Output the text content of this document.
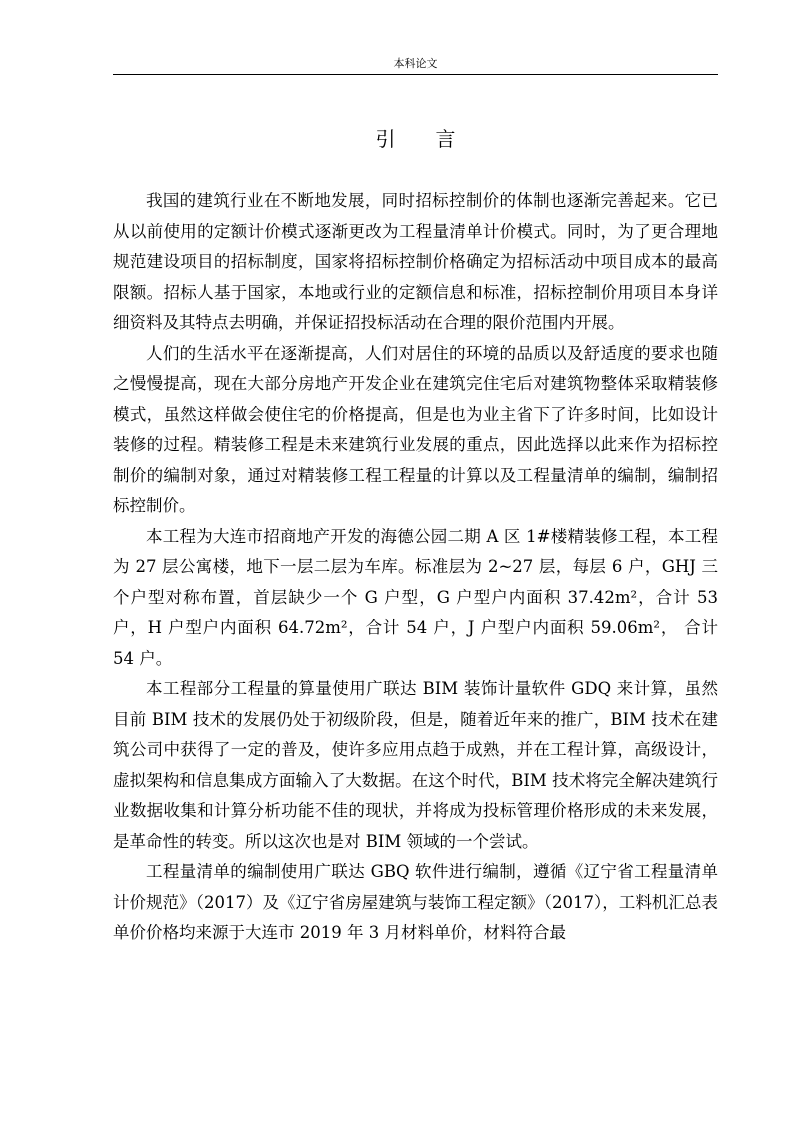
本科论文
引言

我国的建筑行业在不断地发展，同时招标控制价的体制也逐渐完善起来。它已从以前使用的定额计价模式逐渐更改为工程量清单计价模式。同时，为了更合理地规范建设项目的招标制度，国家将招标控制价格确定为招标活动中项目成本的最高限额。招标人基于国家，本地或行业的定额信息和标准，招标控制价用项目本身详细资料及其特点去明确，并保证招投标活动在合理的限价范围内开展。

人们的生活水平在逐渐提高，人们对居住的环境的品质以及舒适度的要求也随之慢慢提高，现在大部分房地产开发企业在建筑完住宅后对建筑物整体采取精装修模式，虽然这样做会使住宅的价格提高，但是也为业主省下了许多时间，比如设计装修的过程。精装修工程是未来建筑行业发展的重点，因此选择以此来作为招标控制价的编制对象，通过对精装修工程工程量的计算以及工程量清单的编制，编制招标控制价。

本工程为大连市招商地产开发的海德公园二期 A 区 1#楼精装修工程，本工程为 27 层公寓楼，地下一层二层为车库。标准层为 2~27 层，每层 6 户，GHJ 三个户型对称布置，首层缺少一个 G 户型，G 户型户内面积 37.42m²，合计 53 户，H 户型户内面积 64.72m²，合计 54 户，J 户型户内面积 59.06m²， 合计 54 户。

本工程部分工程量的算量使用广联达 BIM 装饰计量软件 GDQ 来计算，虽然目前 BIM 技术的发展仍处于初级阶段，但是，随着近年来的推广，BIM 技术在建筑公司中获得了一定的普及，使许多应用点趋于成熟，并在工程计算，高级设计，虚拟架构和信息集成方面输入了大数据。在这个时代，BIM 技术将完全解决建筑行业数据收集和计算分析功能不佳的现状，并将成为投标管理价格形成的未来发展，是革命性的转变。所以这次也是对 BIM 领域的一个尝试。

工程量清单的编制使用广联达 GBQ 软件进行编制，遵循《辽宁省工程量清单计价规范》（2017）及《辽宁省房屋建筑与装饰工程定额》（2017），工料机汇总表单价价格均来源于大连市 2019 年 3 月材料单价，材料符合最
